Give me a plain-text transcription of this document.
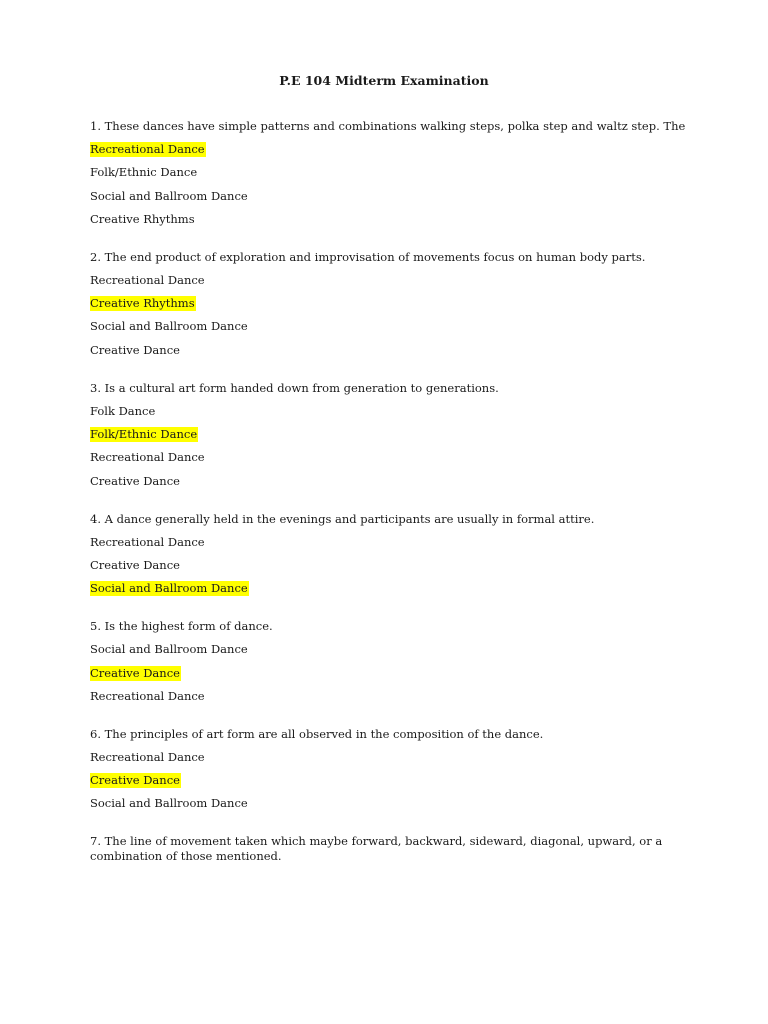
P.E 104 Midterm Examination
1. These dances have simple patterns and combinations walking steps, polka step and waltz step. The
Recreational Dance
Folk/Ethnic Dance
Social and Ballroom Dance
Creative Rhythms
2. The end product of exploration and improvisation of movements focus on human body parts.
Recreational Dance
Creative Rhythms
Social and Ballroom Dance
Creative Dance
3. Is a cultural art form handed down from generation to generations.
Folk Dance
Folk/Ethnic Dance
Recreational Dance
Creative Dance
4. A dance generally held in the evenings and participants are usually in formal attire.
Recreational Dance
Creative Dance
Social and Ballroom Dance
5. Is the highest form of dance.
Social and Ballroom Dance
Creative Dance
Recreational Dance
6. The principles of art form are all observed in the composition of the dance.
Recreational Dance
Creative Dance
Social and Ballroom Dance
7. The line of movement taken which maybe forward, backward, sideward, diagonal, upward, or a combination of those mentioned.
